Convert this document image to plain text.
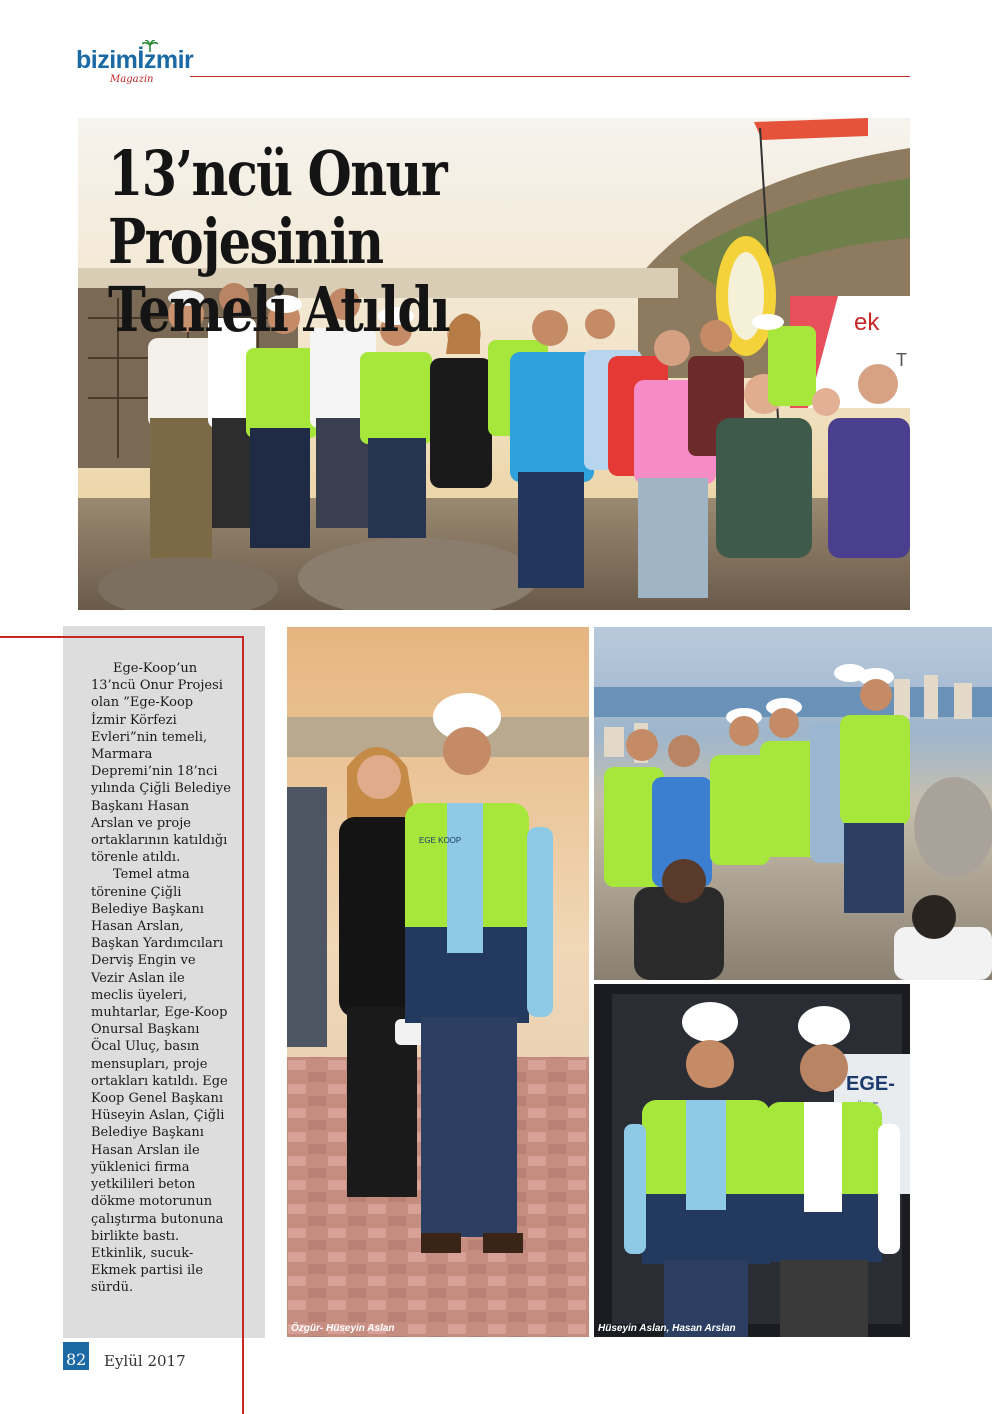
bizimİzmir
Magazin
ek
T
13’ncü Onur Projesinin
Temeli Atıldı

Ege-Koop’un 13’ncü Onur Projesi olan ”Ege-Koop İzmir Körfezi Evleri”nin temeli, Marmara Depremi’nin 18’nci yılında Çiğli Belediye Başkanı Hasan Arslan ve proje ortaklarının katıldığı törenle atıldı.

Temel atma törenine Çiğli Belediye Başkanı Hasan Arslan, Başkan Yardımcıları Derviş Engin ve Vezir Aslan ile meclis üyeleri, muhtarlar, Ege-Koop Onursal Başkanı Öcal Uluç, basın mensupları, proje ortakları katıldı. Ege Koop Genel Başkanı Hüseyin Aslan, Çiğli Belediye Başkanı Hasan Arslan ile yüklenici firma yetkilileri beton dökme motorunun çalıştırma butonuna birlikte bastı. Etkinlik, sucuk-Ekmek partisi ile sürdü.

EGE KOOP
Özgür- Hüseyin Aslan
EGE-
Hüseyin Aslan, Hasan Arslan
82 Eylül 2017
